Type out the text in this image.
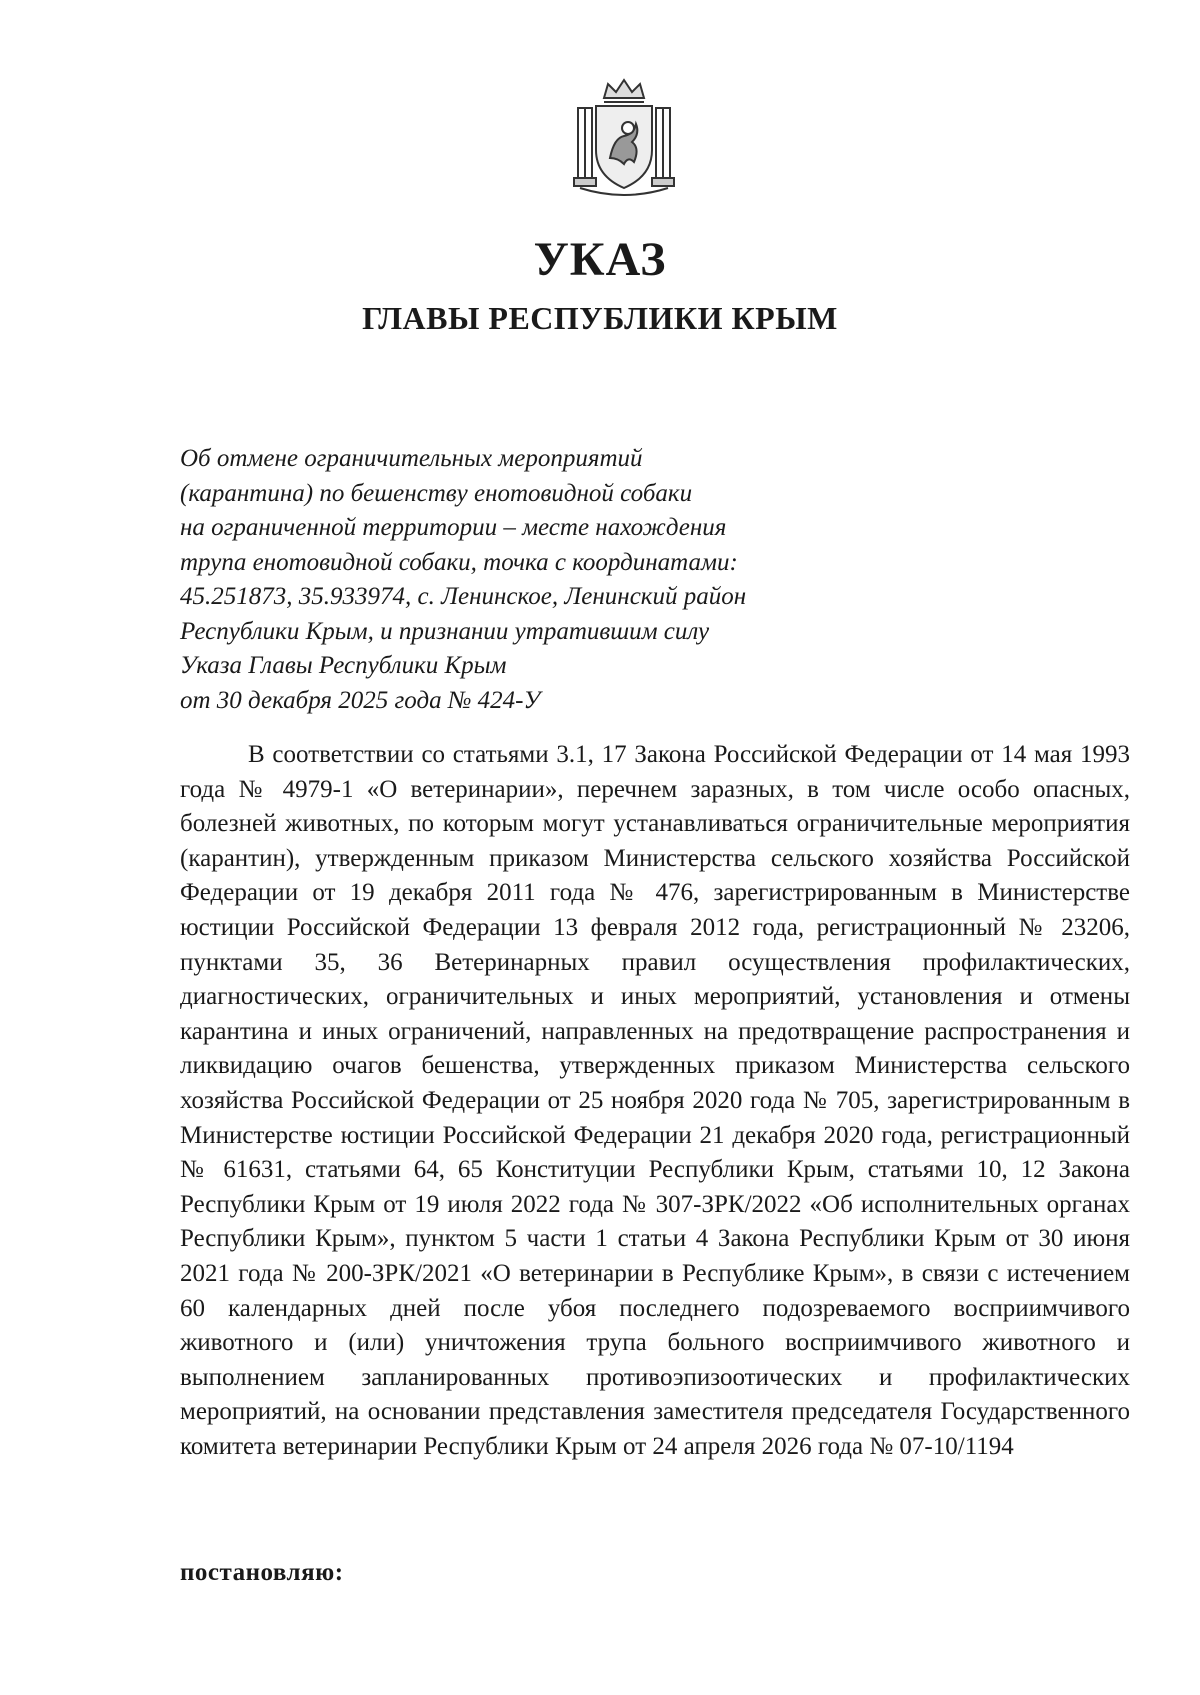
УКАЗ
ГЛАВЫ РЕСПУБЛИКИ КРЫМ
Об отмене ограничительных мероприятий
(карантина) по бешенству енотовидной собаки
на ограниченной территории – месте нахождения
трупа енотовидной собаки, точка с координатами:
45.251873, 35.933974, с. Ленинское, Ленинский район
Республики Крым, и признании утратившим силу
Указа Главы Республики Крым
от 30 декабря 2025 года № 424-У

В соответствии со статьями 3.1, 17 Закона Российской Федерации от 14 мая 1993 года № 4979-1 «О ветеринарии», перечнем заразных, в том числе особо опасных, болезней животных, по которым могут устанавливаться ограничительные мероприятия (карантин), утвержденным приказом Министерства сельского хозяйства Российской Федерации от 19 декабря 2011 года № 476, зарегистрированным в Министерстве юстиции Российской Федерации 13 февраля 2012 года, регистрационный № 23206, пунктами 35, 36 Ветеринарных правил осуществления профилактических, диагностических, ограничительных и иных мероприятий, установления и отмены карантина и иных ограничений, направленных на предотвращение распространения и ликвидацию очагов бешенства, утвержденных приказом Министерства сельского хозяйства Российской Федерации от 25 ноября 2020 года № 705, зарегистрированным в Министерстве юстиции Российской Федерации 21 декабря 2020 года, регистрационный № 61631, статьями 64, 65 Конституции Республики Крым, статьями 10, 12 Закона Республики Крым от 19 июля 2022 года № 307-ЗРК/2022 «Об исполнительных органах Республики Крым», пунктом 5 части 1 статьи 4 Закона Республики Крым от 30 июня 2021 года № 200-ЗРК/2021 «О ветеринарии в Республике Крым», в связи с истечением 60 календарных дней после убоя последнего подозреваемого восприимчивого животного и (или) уничтожения трупа больного восприимчивого животного и выполнением запланированных противоэпизоотических и профилактических мероприятий, на основании представления заместителя председателя Государственного комитета ветеринарии Республики Крым от 24 апреля 2026 года № 07-10/1194

постановляю:
